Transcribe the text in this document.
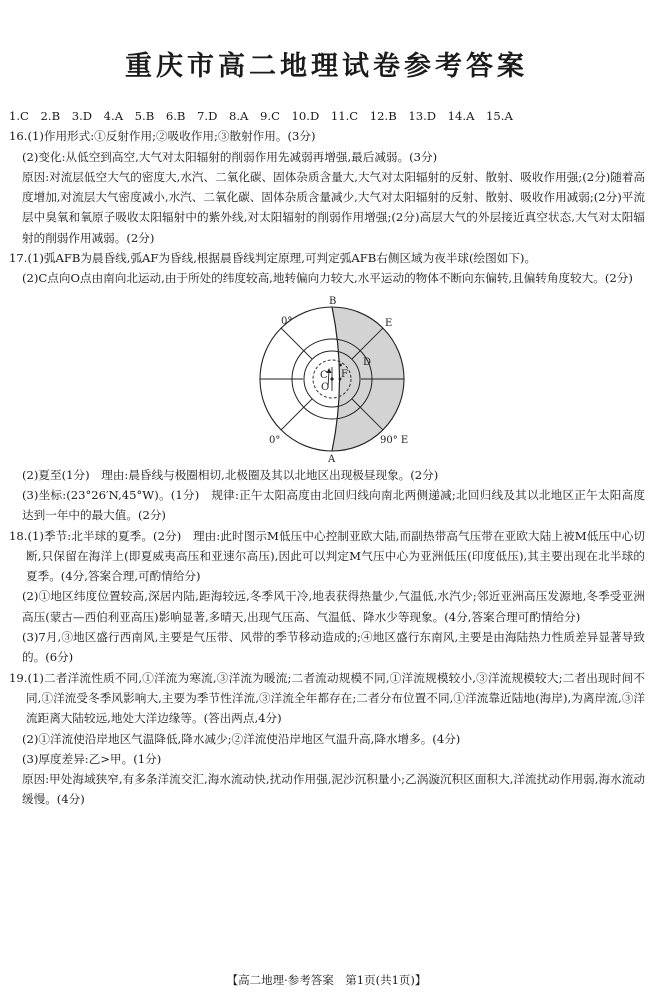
重庆市高二地理试卷参考答案

1.C　2.B　3.D　4.A　5.B　6.B　7.D　8.A　9.C　10.D　11.C　12.B　13.D　14.A　15.A

16.(1)作用形式:①反射作用;②吸收作用;③散射作用。(3分)

(2)变化:从低空到高空,大气对太阳辐射的削弱作用先减弱再增强,最后减弱。(3分)

原因:对流层低空大气的密度大,水汽、二氧化碳、固体杂质含量大,大气对太阳辐射的反射、散射、吸收作用强;(2分)随着高度增加,对流层大气密度减小,水汽、二氧化碳、固体杂质含量减少,大气对太阳辐射的反射、散射、吸收作用减弱;(2分)平流层中臭氧和氧原子吸收太阳辐射中的紫外线,对太阳辐射的削弱作用增强;(2分)高层大气的外层接近真空状态,大气对太阳辐射的削弱作用减弱。(2分)

17.(1)弧AFB为晨昏线,弧AF为昏线,根据晨昏线判定原理,可判定弧AFB右侧区域为夜半球(绘图如下)。

(2)C点向O点由南向北运动,由于所处的纬度较高,地转偏向力较大,水平运动的物体不断向东偏转,且偏转角度较大。(2分)

B
E
D
C F
O
A
0°
0°	90° E

(2)夏至(1分)　理由:晨昏线与极圈相切,北极圈及其以北地区出现极昼现象。(2分)

(3)坐标:(23°26′N,45°W)。(1分)　规律:正午太阳高度由北回归线向南北两侧递减;北回归线及其以北地区正午太阳高度达到一年中的最大值。(2分)

18.(1)季节:北半球的夏季。(2分)　理由:此时图示M低压中心控制亚欧大陆,而副热带高气压带在亚欧大陆上被M低压中心切断,只保留在海洋上(即夏威夷高压和亚速尔高压),因此可以判定M气压中心为亚洲低压(印度低压),其主要出现在北半球的夏季。(4分,答案合理,可酌情给分)

(2)①地区纬度位置较高,深居内陆,距海较远,冬季风干冷,地表获得热量少,气温低,水汽少;邻近亚洲高压发源地,冬季受亚洲高压(蒙古—西伯利亚高压)影响显著,多晴天,出现气压高、气温低、降水少等现象。(4分,答案合理可酌情给分)

(3)7月,③地区盛行西南风,主要是气压带、风带的季节移动造成的;④地区盛行东南风,主要是由海陆热力性质差异显著导致的。(6分)

19.(1)二者洋流性质不同,①洋流为寒流,③洋流为暖流;二者流动规模不同,①洋流规模较小,③洋流规模较大;二者出现时间不同,①洋流受冬季风影响大,主要为季节性洋流,③洋流全年都存在;二者分布位置不同,①洋流靠近陆地(海岸),为离岸流,③洋流距离大陆较远,地处大洋边缘等。(答出两点,4分)

(2)①洋流使沿岸地区气温降低,降水减少;②洋流使沿岸地区气温升高,降水增多。(4分)

(3)厚度差异:乙>甲。(1分)

原因:甲处海域狭窄,有多条洋流交汇,海水流动快,扰动作用强,泥沙沉积量小;乙涡漩沉积区面积大,洋流扰动作用弱,海水流动缓慢。(4分)

【高二地理·参考答案　第1页(共1页)】
